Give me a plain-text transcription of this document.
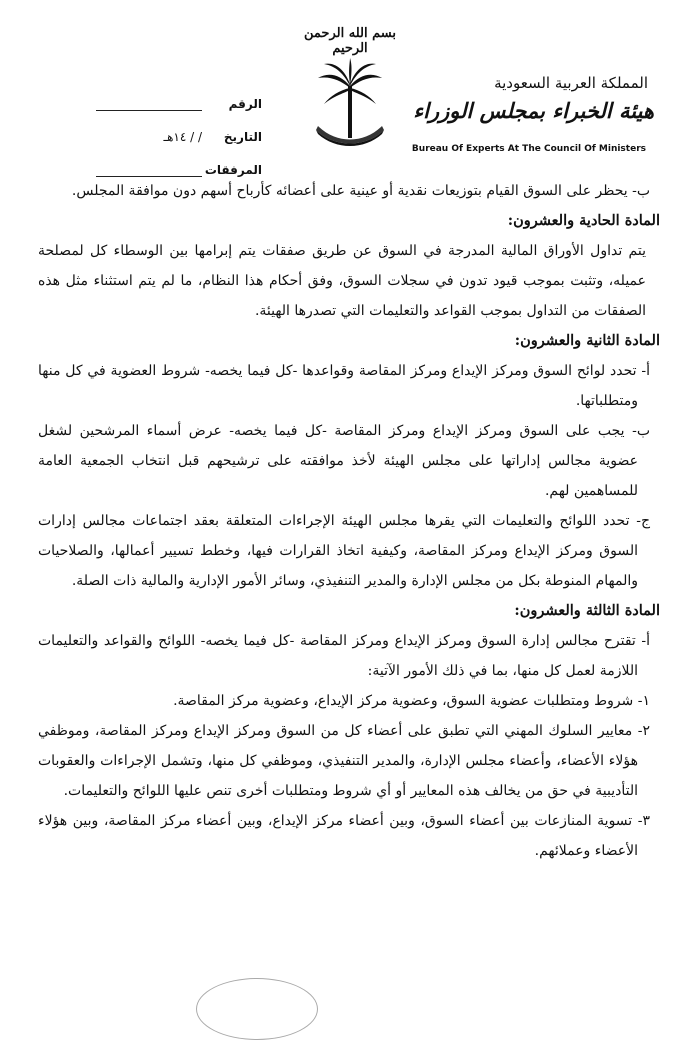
بسم الله الرحمن الرحيم
المملكة العربية السعودية
هيئة الخبراء بمجلس الوزراء
Bureau Of Experts At The Council Of Ministers
الرقم
التاريخ
/ / ١٤هـ
المرفقات

ب- يحظر على السوق القيام بتوزيعات نقدية أو عينية على أعضائه كأرباح أسهم دون موافقة المجلس.

المادة الحادية والعشرون:

يتم تداول الأوراق المالية المدرجة في السوق عن طريق صفقات يتم إبرامها بين الوسطاء كل لمصلحة عميله، وتثبت بموجب قيود تدون في سجلات السوق، وفق أحكام هذا النظام، ما لم يتم استثناء مثل هذه الصفقات من التداول بموجب القواعد والتعليمات التي تصدرها الهيئة.

المادة الثانية والعشرون:

أ- تحدد لوائح السوق ومركز الإيداع ومركز المقاصة وقواعدها -كل فيما يخصه- شروط العضوية في كل منها ومتطلباتها.

ب- يجب على السوق ومركز الإيداع ومركز المقاصة -كل فيما يخصه- عرض أسماء المرشحين لشغل عضوية مجالس إداراتها على مجلس الهيئة لأخذ موافقته على ترشيحهم قبل انتخاب الجمعية العامة للمساهمين لهم.

ج- تحدد اللوائح والتعليمات التي يقرها مجلس الهيئة الإجراءات المتعلقة بعقد اجتماعات مجالس إدارات السوق ومركز الإيداع ومركز المقاصة، وكيفية اتخاذ القرارات فيها، وخطط تسيير أعمالها، والصلاحيات والمهام المنوطة بكل من مجلس الإدارة والمدير التنفيذي، وسائر الأمور الإدارية والمالية ذات الصلة.

المادة الثالثة والعشرون:

أ- تقترح مجالس إدارة السوق ومركز الإيداع ومركز المقاصة -كل فيما يخصه- اللوائح والقواعد والتعليمات اللازمة لعمل كل منها، بما في ذلك الأمور الآتية:

١- شروط ومتطلبات عضوية السوق، وعضوية مركز الإيداع، وعضوية مركز المقاصة.

٢- معايير السلوك المهني التي تطبق على أعضاء كل من السوق ومركز الإيداع ومركز المقاصة، وموظفي هؤلاء الأعضاء، وأعضاء مجلس الإدارة، والمدير التنفيذي، وموظفي كل منها، وتشمل الإجراءات والعقوبات التأديبية في حق من يخالف هذه المعايير أو أي شروط ومتطلبات أخرى تنص عليها اللوائح والتعليمات.

٣- تسوية المنازعات بين أعضاء السوق، وبين أعضاء مركز الإيداع، وبين أعضاء مركز المقاصة، وبين هؤلاء الأعضاء وعملائهم.
